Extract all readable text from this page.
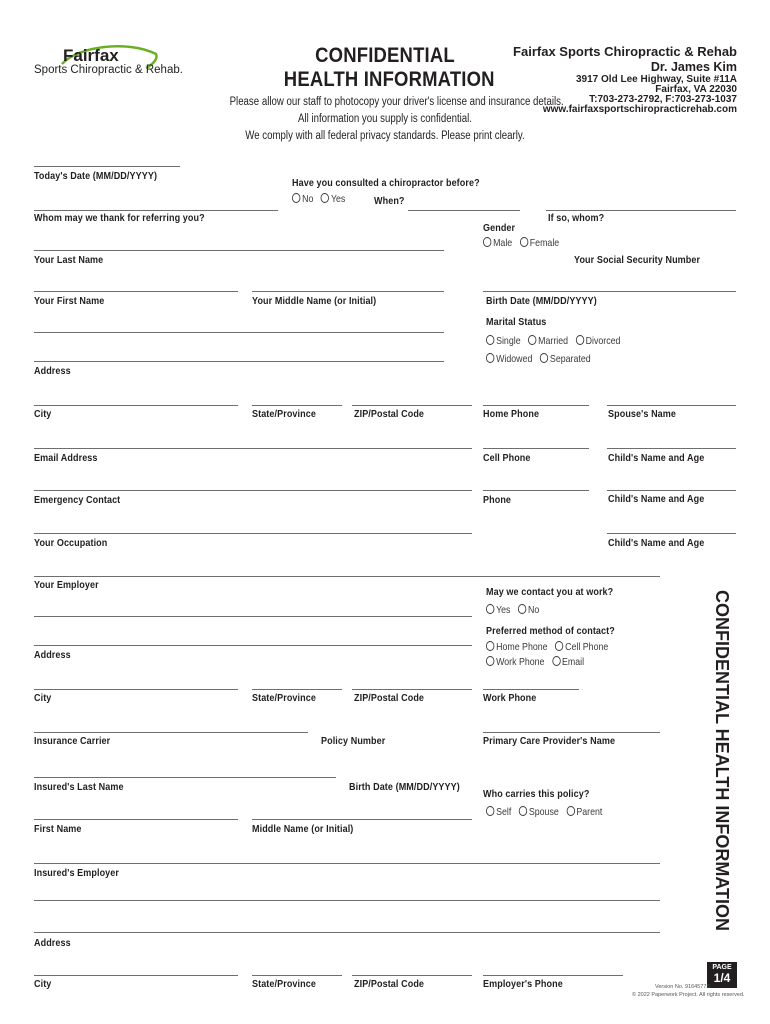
Fairfax
Sports Chiropractic & Rehab.
CONFIDENTIAL
HEALTH INFORMATION
Please allow our staff to photocopy your driver's license and insurance details.
All information you supply is confidential.
We comply with all federal privacy standards. Please print clearly.
Fairfax Sports Chiropractic & Rehab
Dr. James Kim
3917 Old Lee Highway, Suite #11A
Fairfax, VA 22030
T:703-273-2792, F:703-273-1037
www.fairfaxsportschiropracticrehab.com
Today's Date (MM/DD/YYYY)
Have you consulted a chiropractor before?
No Yes	When?
Whom may we thank for referring you?	If so, whom?
Gender
Male Female
Your Last Name	Your Social Security Number
Your First Name	Your Middle Name (or Initial)	Birth Date (MM/DD/YYYY)
Marital Status
Single Married Divorced
Widowed Separated
Address
City	State/Province	ZIP/Postal Code	Home Phone	Spouse's Name
Email Address	Cell Phone	Child's Name and Age
Emergency Contact	Phone	Child's Name and Age
Your Occupation	Child's Name and Age
Your Employer
May we contact you at work?
Yes No
Preferred method of contact?
Home Phone Cell Phone
Work Phone Email
Address
City	State/Province	ZIP/Postal Code	Work Phone
Insurance Carrier	Policy Number	Primary Care Provider's Name
Insured's Last Name	Birth Date (MM/DD/YYYY)
Who carries this policy?
Self Spouse Parent
First Name	Middle Name (or Initial)
Insured's Employer
Address
City	State/Province	ZIP/Postal Code	Employer's Phone
CONFIDENTIAL HEALTH INFORMATION
PAGE
1/4
Version No. 9164577S
© 2022 Paperwork Project. All rights reserved.
